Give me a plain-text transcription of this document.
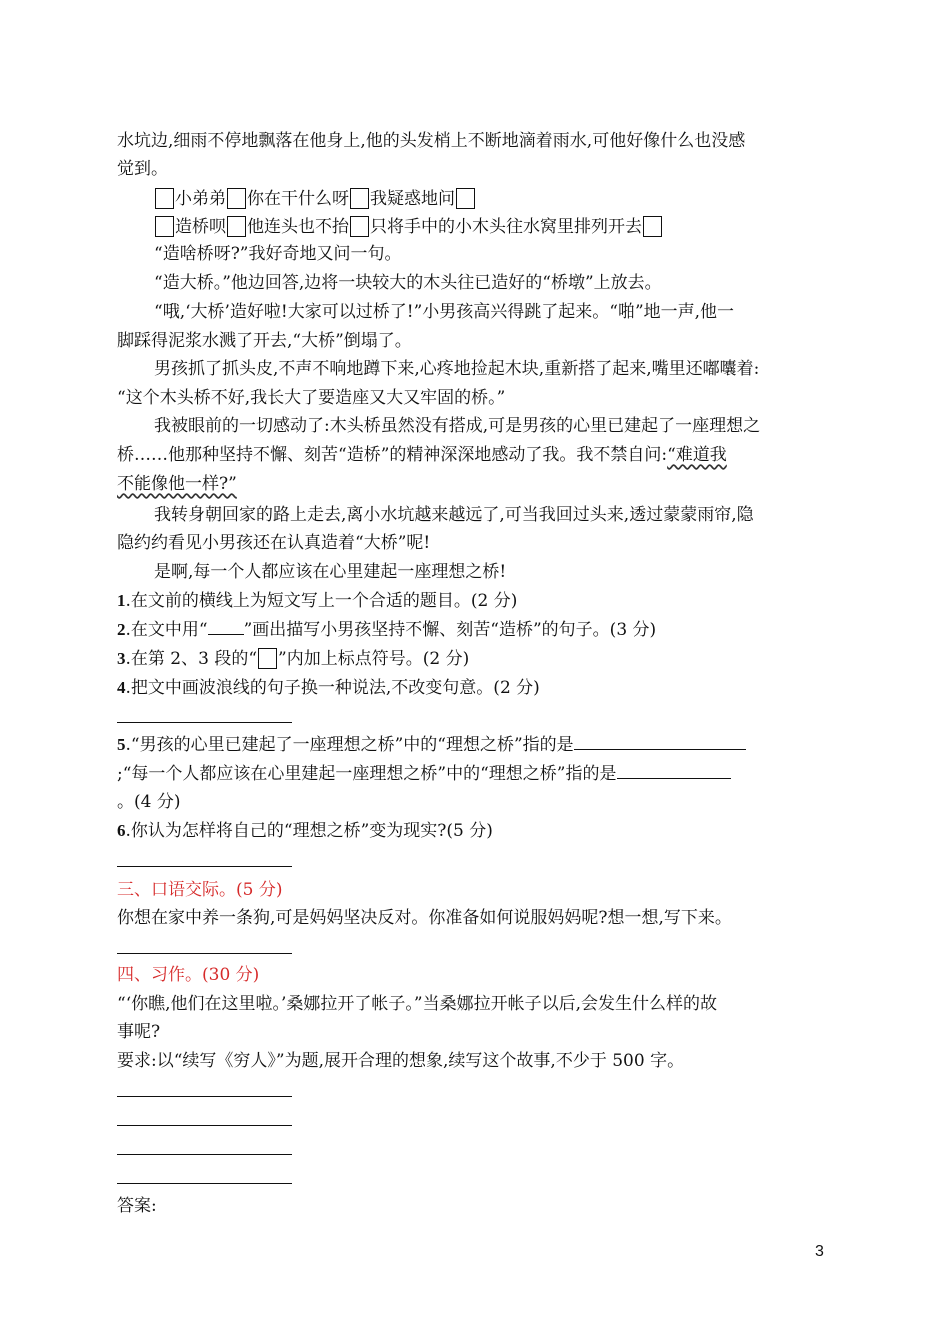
水坑边,细雨不停地飘落在他身上,他的头发梢上不断地滴着雨水,可他好像什么也没感
觉到。
小弟弟 你在干什么呀 我疑惑地问
造桥呗 他连头也不抬 只将手中的小木头往水窝里排列开去
“造啥桥呀?”我好奇地又问一句。
“造大桥。”他边回答,边将一块较大的木头往已造好的“桥墩”上放去。
“哦,‘大桥’造好啦!大家可以过桥了!”小男孩高兴得跳了起来。“啪”地一声,他一
脚踩得泥浆水溅了开去,“大桥”倒塌了。
男孩抓了抓头皮,不声不响地蹲下来,心疼地捡起木块,重新搭了起来,嘴里还嘟囔着:
“这个木头桥不好,我长大了要造座又大又牢固的桥。”
我被眼前的一切感动了:木头桥虽然没有搭成,可是男孩的心里已建起了一座理想之
桥……他那种坚持不懈、刻苦“造桥”的精神深深地感动了我。我不禁自问:“难道我
不能像他一样?”
我转身朝回家的路上走去,离小水坑越来越远了,可当我回过头来,透过蒙蒙雨帘,隐
隐约约看见小男孩还在认真造着“大桥”呢!
是啊,每一个人都应该在心里建起一座理想之桥!
1.在文前的横线上为短文写上一个合适的题目。(2 分)
2.在文中用“ ”画出描写小男孩坚持不懈、刻苦“造桥”的句子。(3 分)
3.在第 2、3 段的“ ”内加上标点符号。(2 分)
4.把文中画波浪线的句子换一种说法,不改变句意。(2 分)
5.“男孩的心里已建起了一座理想之桥”中的“理想之桥”指的是
;“每一个人都应该在心里建起一座理想之桥”中的“理想之桥”指的是
。(4 分)
6.你认为怎样将自己的“理想之桥”变为现实?(5 分)
三、口语交际。(5 分)
你想在家中养一条狗,可是妈妈坚决反对。你准备如何说服妈妈呢?想一想,写下来。
四、习作。(30 分)
“‘你瞧,他们在这里啦。’桑娜拉开了帐子。”当桑娜拉开帐子以后,会发生什么样的故
事呢?
要求:以“续写《穷人》”为题,展开合理的想象,续写这个故事,不少于 500 字。
答案:
3
